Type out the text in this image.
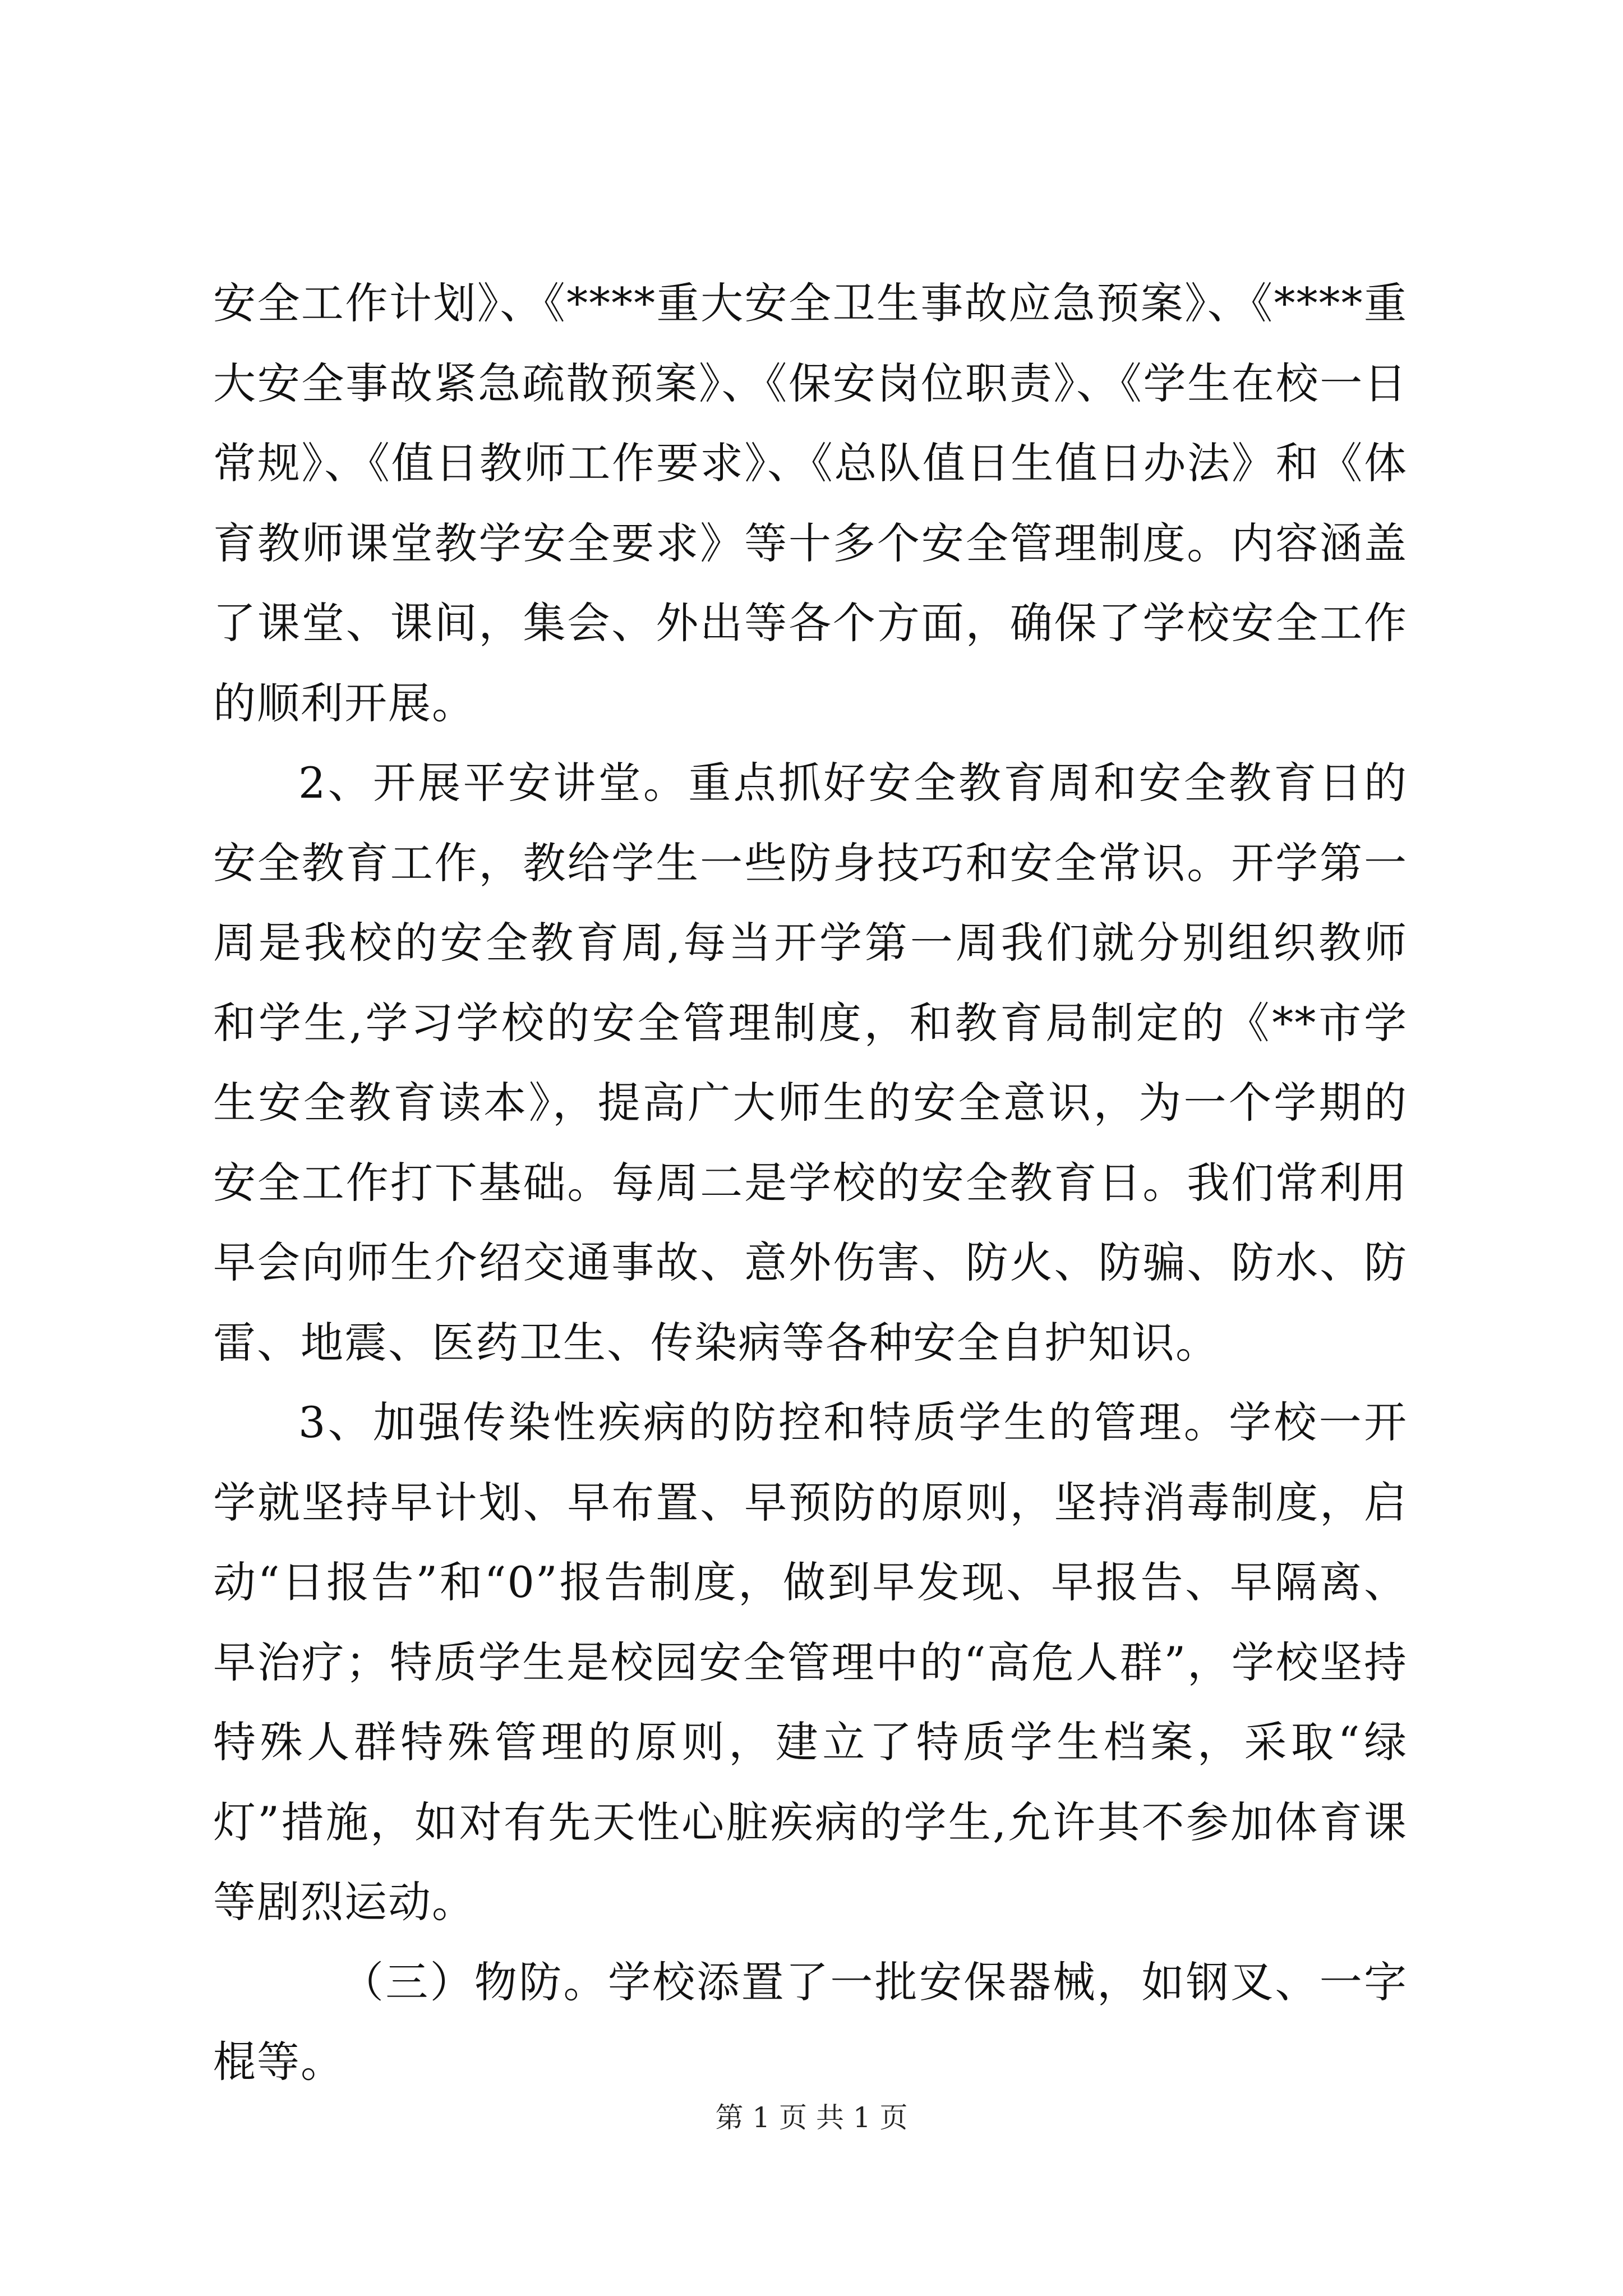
安全工作计划》、《****重大安全卫生事故应急预案》、《****重大安全事故紧急疏散预案》、《保安岗位职责》、《学生在校一日常规》、《值日教师工作要求》、《总队值日生值日办法》和《体育教师课堂教学安全要求》等十多个安全管理制度。内容涵盖了课堂、课间，集会、外出等各个方面，确保了学校安全工作的顺利开展。

2、开展平安讲堂。重点抓好安全教育周和安全教育日的安全教育工作，教给学生一些防身技巧和安全常识。开学第一周是我校的安全教育周,每当开学第一周我们就分别组织教师和学生,学习学校的安全管理制度，和教育局制定的《**市学生安全教育读本》，提高广大师生的安全意识，为一个学期的安全工作打下基础。每周二是学校的安全教育日。我们常利用早会向师生介绍交通事故、意外伤害、防火、防骗、防水、防雷、地震、医药卫生、传染病等各种安全自护知识。

3、加强传染性疾病的防控和特质学生的管理。学校一开学就坚持早计划、早布置、早预防的原则，坚持消毒制度，启动“日报告”和“0”报告制度，做到早发现、早报告、早隔离、早治疗；特质学生是校园安全管理中的“高危人群”，学校坚持特殊人群特殊管理的原则，建立了特质学生档案，采取“绿灯”措施，如对有先天性心脏疾病的学生,允许其不参加体育课等剧烈运动。

（三）物防。学校添置了一批安保器械，如钢叉、一字棍等。

第 1 页 共 1 页
